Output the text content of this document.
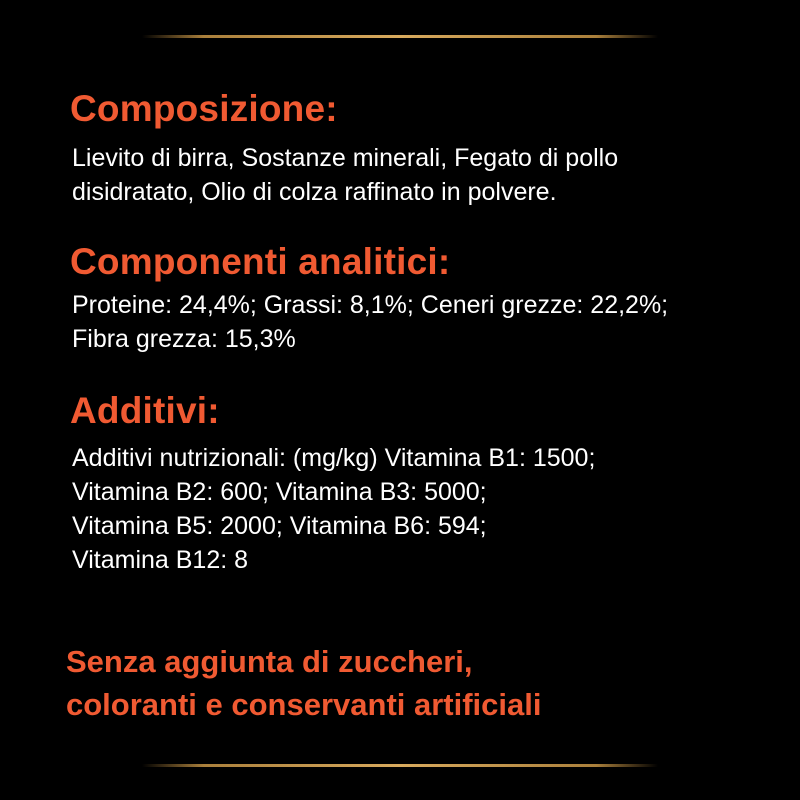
Composizione:

Lievito di birra, Sostanze minerali, Fegato di pollo
disidratato, Olio di colza raffinato in polvere.

Componenti analitici:

Proteine: 24,4%; Grassi: 8,1%; Ceneri grezze: 22,2%;
Fibra grezza: 15,3%

Additivi:

Additivi nutrizionali: (mg/kg) Vitamina B1: 1500;
Vitamina B2: 600; Vitamina B3: 5000;
Vitamina B5: 2000; Vitamina B6: 594;
Vitamina B12: 8

Senza aggiunta di zuccheri,
coloranti e conservanti artificiali
